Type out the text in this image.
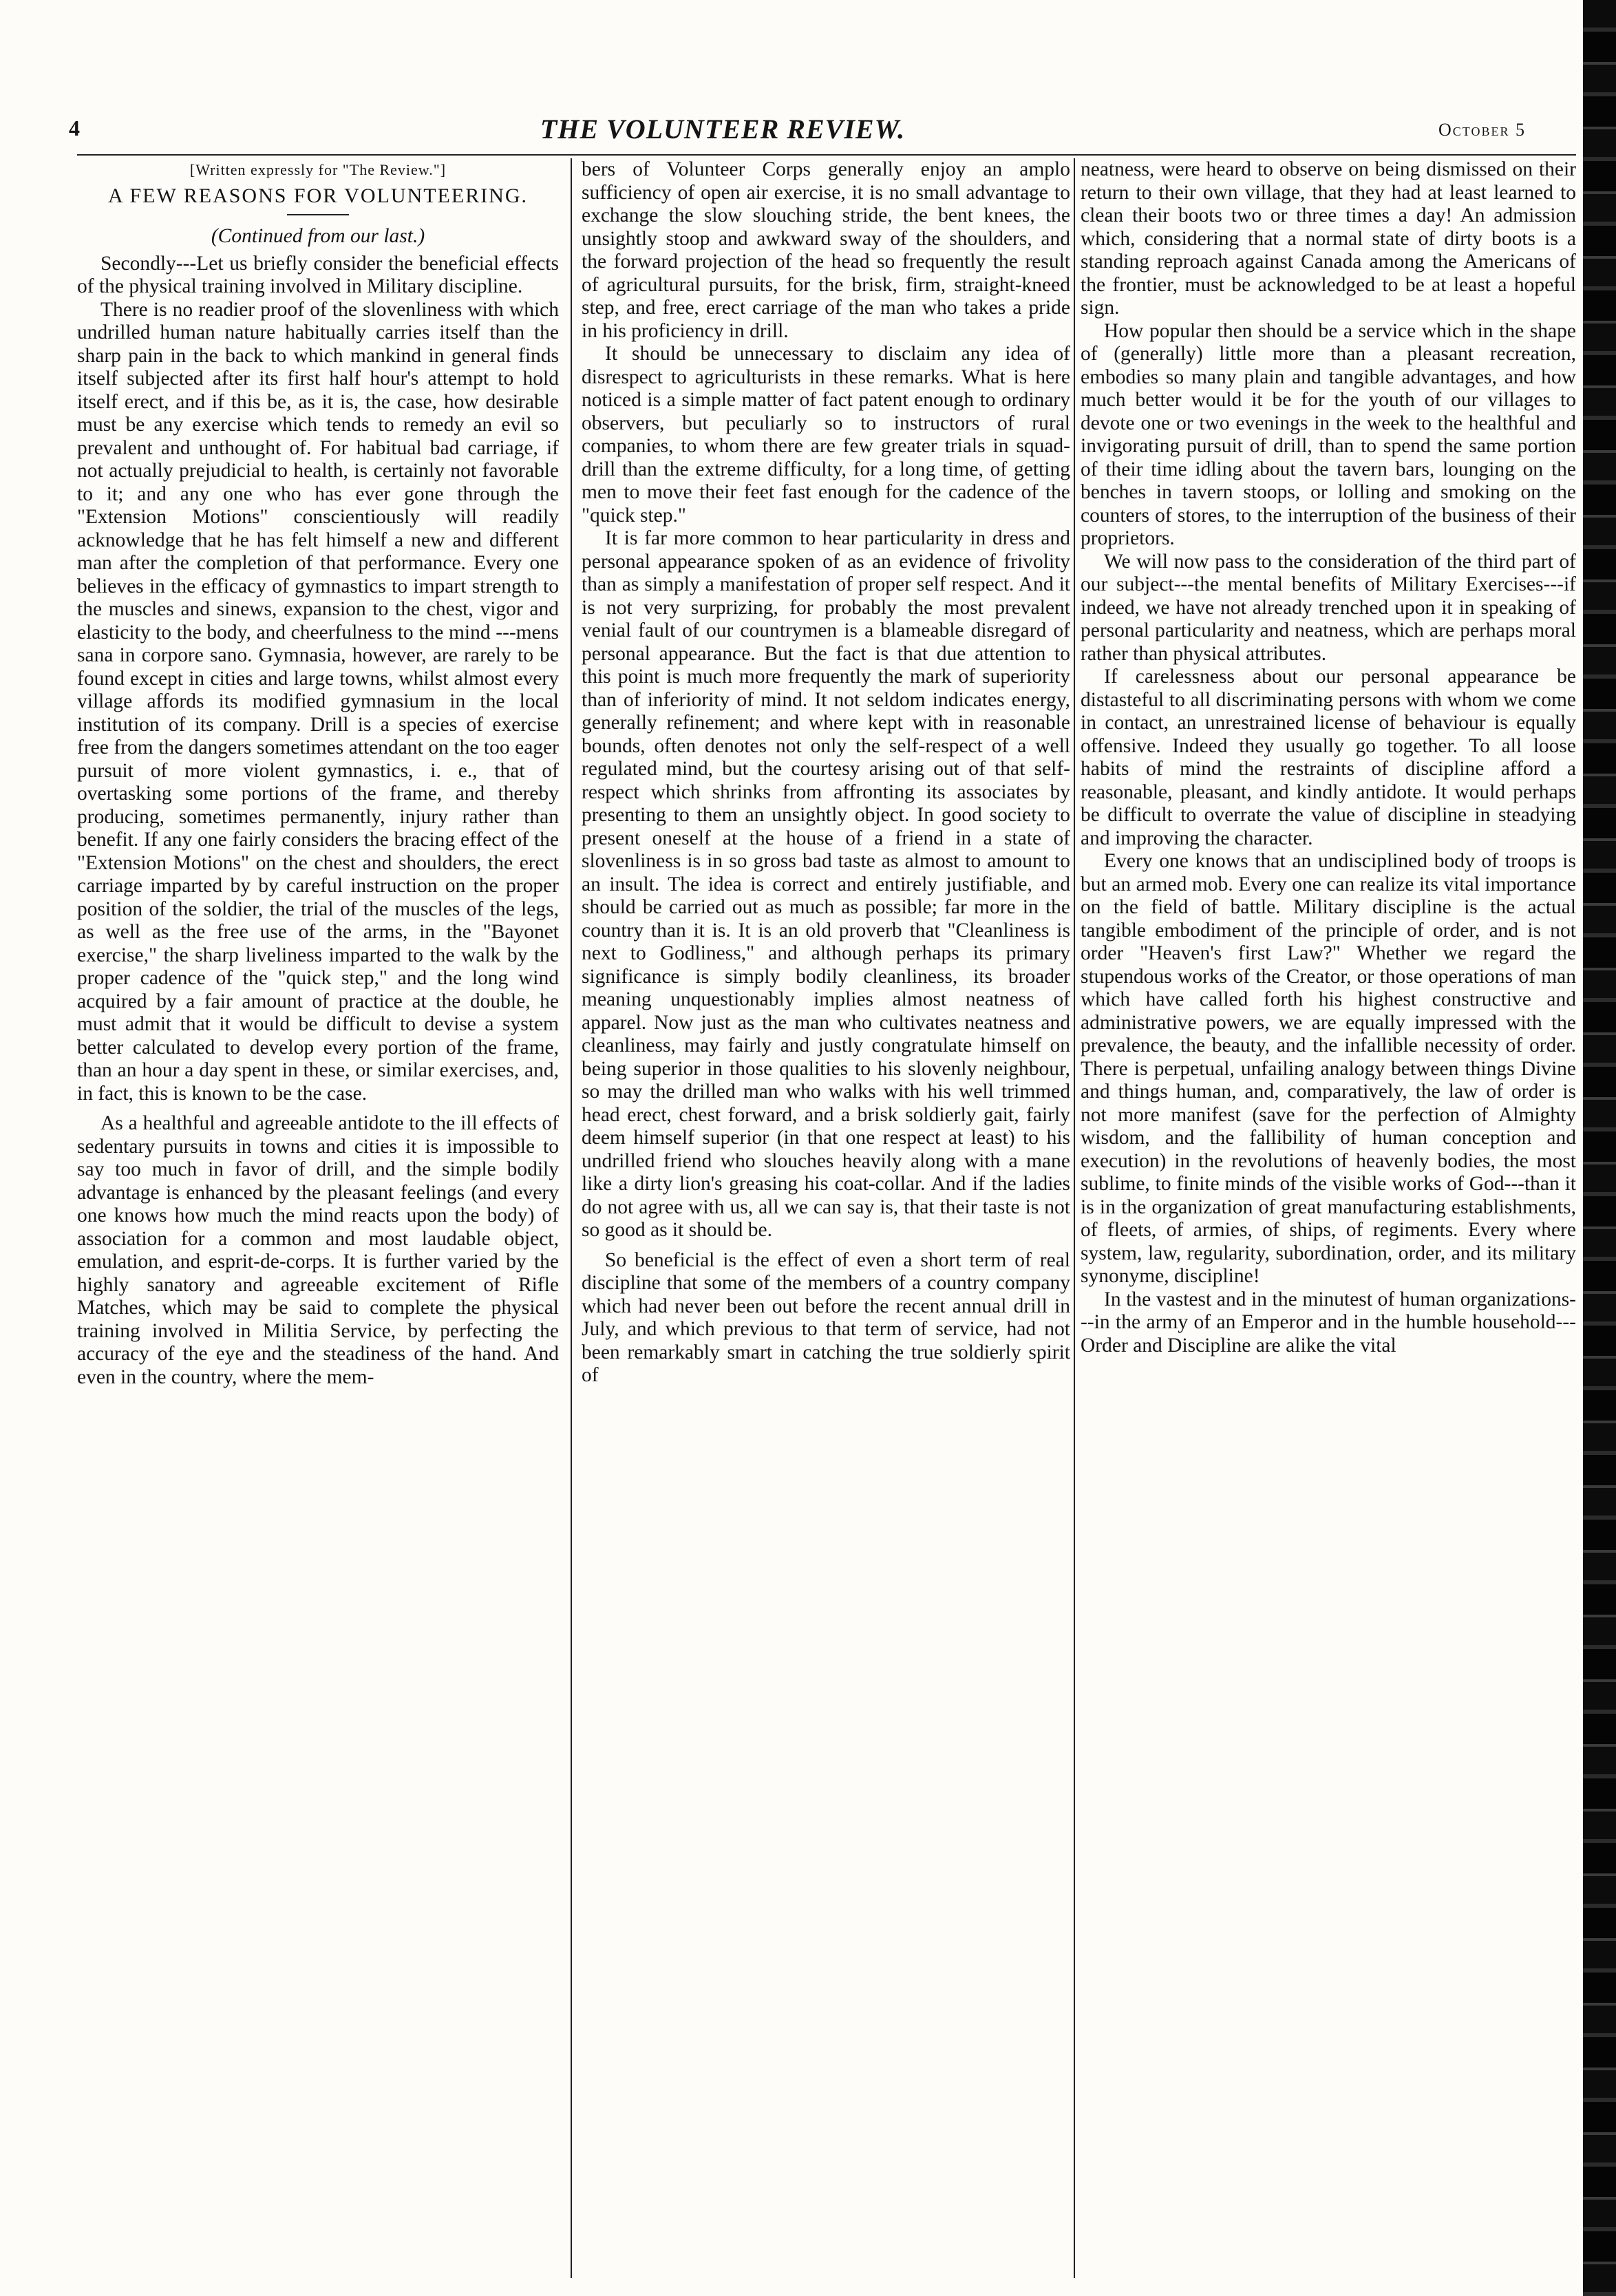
4	THE VOLUNTEER REVIEW.	October 5

[Written expressly for "The Review."]

A FEW REASONS FOR VOLUNTEERING.

(Continued from our last.)

Secondly---Let us briefly consider the beneficial effects of the physical training involved in Military discipline.

There is no readier proof of the slovenliness with which undrilled human nature habitually carries itself than the sharp pain in the back to which mankind in general finds itself subjected after its first half hour's attempt to hold itself erect, and if this be, as it is, the case, how desirable must be any exercise which tends to remedy an evil so prevalent and unthought of. For habitual bad carriage, if not actually prejudicial to health, is certainly not favorable to it; and any one who has ever gone through the "Extension Motions" conscientiously will readily acknowledge that he has felt himself a new and different man after the completion of that performance. Every one believes in the efficacy of gymnastics to impart strength to the muscles and sinews, expansion to the chest, vigor and elasticity to the body, and cheerfulness to the mind ---mens sana in corpore sano. Gymnasia, however, are rarely to be found except in cities and large towns, whilst almost every village affords its modified gymnasium in the local institution of its company. Drill is a species of exercise free from the dangers sometimes attendant on the too eager pursuit of more violent gymnastics, i. e., that of overtasking some portions of the frame, and thereby producing, sometimes permanently, injury rather than benefit. If any one fairly considers the bracing effect of the "Extension Motions" on the chest and shoulders, the erect carriage imparted by by careful instruction on the proper position of the soldier, the trial of the muscles of the legs, as well as the free use of the arms, in the "Bayonet exercise," the sharp liveliness imparted to the walk by the proper cadence of the "quick step," and the long wind acquired by a fair amount of practice at the double, he must admit that it would be difficult to devise a system better calculated to develop every portion of the frame, than an hour a day spent in these, or similar exercises, and, in fact, this is known to be the case.

As a healthful and agreeable antidote to the ill effects of sedentary pursuits in towns and cities it is impossible to say too much in favor of drill, and the simple bodily advantage is enhanced by the pleasant feelings (and every one knows how much the mind reacts upon the body) of association for a common and most laudable object, emulation, and esprit-de-corps. It is further varied by the highly sanatory and agreeable excitement of Rifle Matches, which may be said to complete the physical training involved in Militia Service, by perfecting the accuracy of the eye and the steadiness of the hand. And even in the country, where the mem-

bers of Volunteer Corps generally enjoy an amplo sufficiency of open air exercise, it is no small advantage to exchange the slow slouching stride, the bent knees, the unsightly stoop and awkward sway of the shoulders, and the forward projection of the head so frequently the result of agricultural pursuits, for the brisk, firm, straight-kneed step, and free, erect carriage of the man who takes a pride in his proficiency in drill.

It should be unnecessary to disclaim any idea of disrespect to agriculturists in these remarks. What is here noticed is a simple matter of fact patent enough to ordinary observers, but peculiarly so to instructors of rural companies, to whom there are few greater trials in squad-drill than the extreme difficulty, for a long time, of getting men to move their feet fast enough for the cadence of the "quick step."

It is far more common to hear particularity in dress and personal appearance spoken of as an evidence of frivolity than as simply a manifestation of proper self respect. And it is not very surprizing, for probably the most prevalent venial fault of our countrymen is a blameable disregard of personal appearance. But the fact is that due attention to this point is much more frequently the mark of superiority than of inferiority of mind. It not seldom indicates energy, generally refinement; and where kept with in reasonable bounds, often denotes not only the self-respect of a well regulated mind, but the courtesy arising out of that self-respect which shrinks from affronting its associates by presenting to them an unsightly object. In good society to present oneself at the house of a friend in a state of slovenliness is in so gross bad taste as almost to amount to an insult. The idea is correct and entirely justifiable, and should be carried out as much as possible; far more in the country than it is. It is an old proverb that "Cleanliness is next to Godliness," and although perhaps its primary significance is simply bodily cleanliness, its broader meaning unquestionably implies almost neatness of apparel. Now just as the man who cultivates neatness and cleanliness, may fairly and justly congratulate himself on being superior in those qualities to his slovenly neighbour, so may the drilled man who walks with his well trimmed head erect, chest forward, and a brisk soldierly gait, fairly deem himself superior (in that one respect at least) to his undrilled friend who slouches heavily along with a mane like a dirty lion's greasing his coat-collar. And if the ladies do not agree with us, all we can say is, that their taste is not so good as it should be.

So beneficial is the effect of even a short term of real discipline that some of the members of a country company which had never been out before the recent annual drill in July, and which previous to that term of service, had not been remarkably smart in catching the true soldierly spirit of

neatness, were heard to observe on being dismissed on their return to their own village, that they had at least learned to clean their boots two or three times a day! An admission which, considering that a normal state of dirty boots is a standing reproach against Canada among the Americans of the frontier, must be acknowledged to be at least a hopeful sign.

How popular then should be a service which in the shape of (generally) little more than a pleasant recreation, embodies so many plain and tangible advantages, and how much better would it be for the youth of our villages to devote one or two evenings in the week to the healthful and invigorating pursuit of drill, than to spend the same portion of their time idling about the tavern bars, lounging on the benches in tavern stoops, or lolling and smoking on the counters of stores, to the interruption of the business of their proprietors.

We will now pass to the consideration of the third part of our subject---the mental benefits of Military Exercises---if indeed, we have not already trenched upon it in speaking of personal particularity and neatness, which are perhaps moral rather than physical attributes.

If carelessness about our personal appearance be distasteful to all discriminating persons with whom we come in contact, an unrestrained license of behaviour is equally offensive. Indeed they usually go together. To all loose habits of mind the restraints of discipline afford a reasonable, pleasant, and kindly antidote. It would perhaps be difficult to overrate the value of discipline in steadying and improving the character.

Every one knows that an undisciplined body of troops is but an armed mob. Every one can realize its vital importance on the field of battle. Military discipline is the actual tangible embodiment of the principle of order, and is not order "Heaven's first Law?" Whether we regard the stupendous works of the Creator, or those operations of man which have called forth his highest constructive and administrative powers, we are equally impressed with the prevalence, the beauty, and the infallible necessity of order. There is perpetual, unfailing analogy between things Divine and things human, and, comparatively, the law of order is not more manifest (save for the perfection of Almighty wisdom, and the fallibility of human conception and execution) in the revolutions of heavenly bodies, the most sublime, to finite minds of the visible works of God---than it is in the organization of great manufacturing establishments, of fleets, of armies, of ships, of regiments. Every where system, law, regularity, subordination, order, and its military synonyme, discipline!

In the vastest and in the minutest of human organizations---in the army of an Emperor and in the humble household---Order and Discipline are alike the vital
